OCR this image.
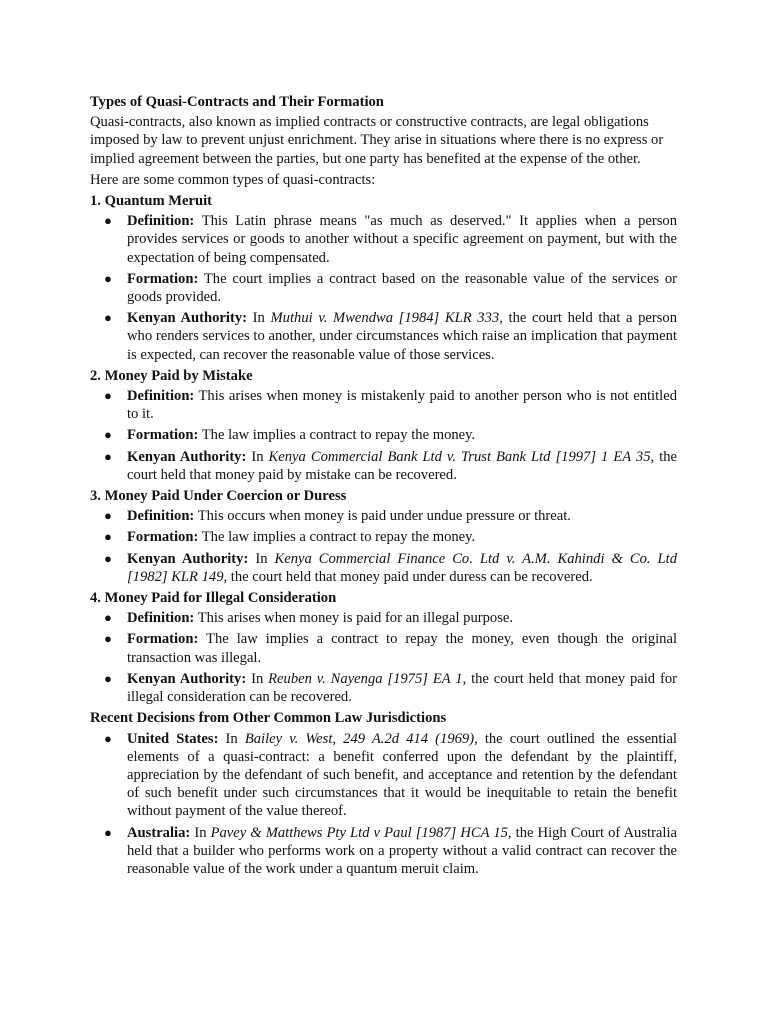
Types of Quasi-Contracts and Their Formation

Quasi-contracts, also known as implied contracts or constructive contracts, are legal obligations imposed by law to prevent unjust enrichment. They arise in situations where there is no express or implied agreement between the parties, but one party has benefited at the expense of the other.

Here are some common types of quasi-contracts:

1. Quantum Meruit
● Definition: This Latin phrase means "as much as deserved." It applies when a person provides services or goods to another without a specific agreement on payment, but with the expectation of being compensated.
● Formation: The court implies a contract based on the reasonable value of the services or goods provided.
● Kenyan Authority: In Muthui v. Mwendwa [1984] KLR 333, the court held that a person who renders services to another, under circumstances which raise an implication that payment is expected, can recover the reasonable value of those services.
2. Money Paid by Mistake
● Definition: This arises when money is mistakenly paid to another person who is not entitled to it.
● Formation: The law implies a contract to repay the money.
● Kenyan Authority: In Kenya Commercial Bank Ltd v. Trust Bank Ltd [1997] 1 EA 35, the court held that money paid by mistake can be recovered.
3. Money Paid Under Coercion or Duress
● Definition: This occurs when money is paid under undue pressure or threat.
● Formation: The law implies a contract to repay the money.
● Kenyan Authority: In Kenya Commercial Finance Co. Ltd v. A.M. Kahindi & Co. Ltd [1982] KLR 149, the court held that money paid under duress can be recovered.
4. Money Paid for Illegal Consideration
● Definition: This arises when money is paid for an illegal purpose.
● Formation: The law implies a contract to repay the money, even though the original transaction was illegal.
● Kenyan Authority: In Reuben v. Nayenga [1975] EA 1, the court held that money paid for illegal consideration can be recovered.
Recent Decisions from Other Common Law Jurisdictions
● United States: In Bailey v. West, 249 A.2d 414 (1969), the court outlined the essential elements of a quasi-contract: a benefit conferred upon the defendant by the plaintiff, appreciation by the defendant of such benefit, and acceptance and retention by the defendant of such benefit under such circumstances that it would be inequitable to retain the benefit without payment of the value thereof.
● Australia: In Pavey & Matthews Pty Ltd v Paul [1987] HCA 15, the High Court of Australia held that a builder who performs work on a property without a valid contract can recover the reasonable value of the work under a quantum meruit claim.
